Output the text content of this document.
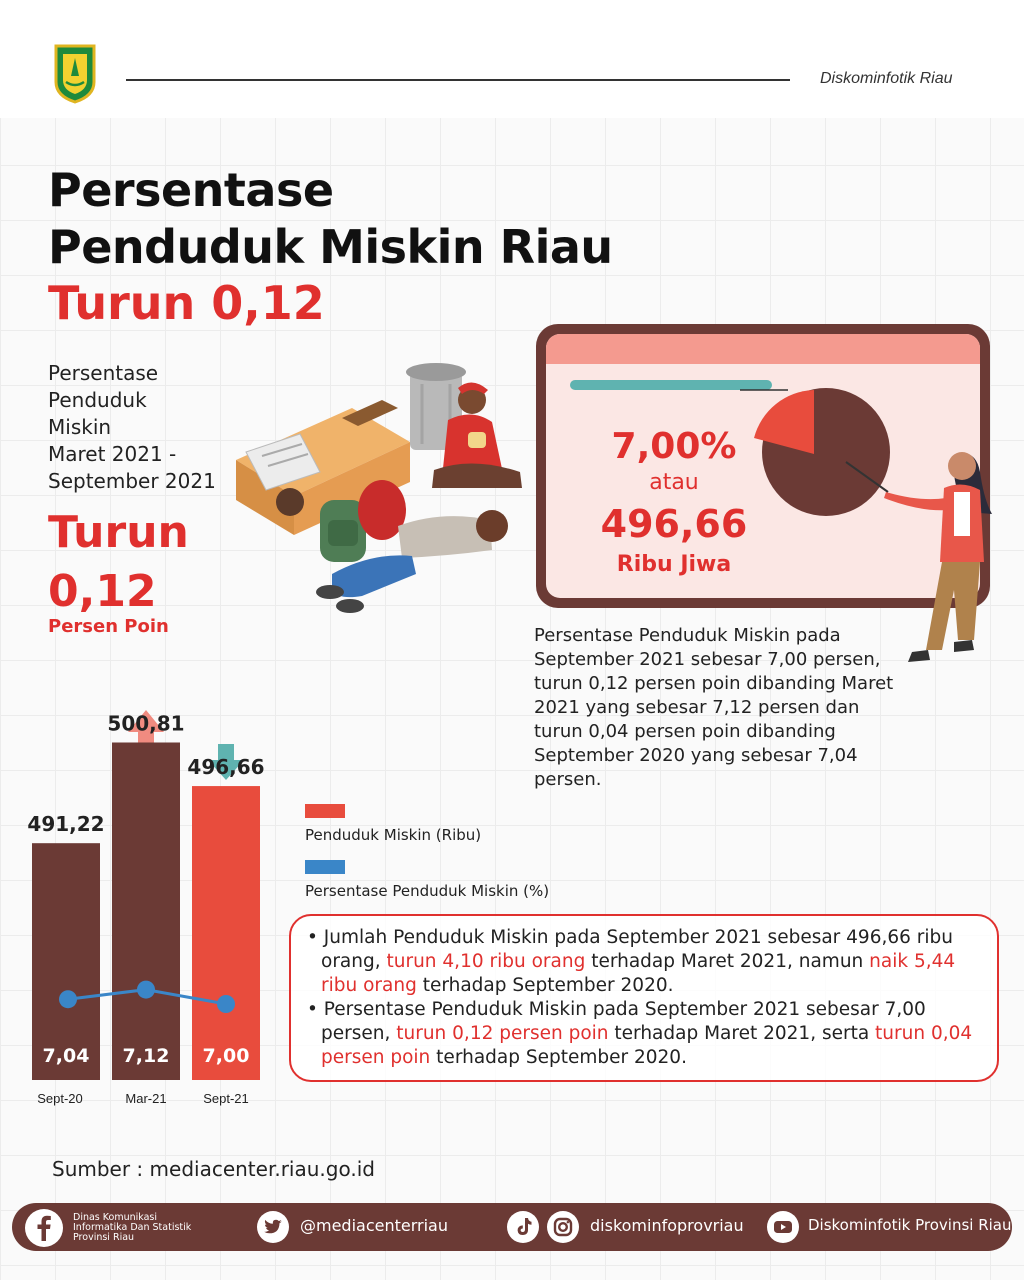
Diskominfotik Riau
Persentase
Penduduk Miskin Riau
Turun 0,12
Persentase
Penduduk
Miskin
Maret 2021 -
September 2021
Turun
0,12
Persen Poin
7,00%
atau
496,66
Ribu Jiwa
Persentase Penduduk Miskin pada September 2021 sebesar 7,00 persen, turun 0,12 persen poin dibanding Maret 2021 yang sebesar 7,12 persen dan turun 0,04 persen poin dibanding September 2020 yang sebesar 7,04 persen.
491,22
7,04
Sept-20
500,81
7,12
Mar-21
496,66
7,00
Sept-21
Penduduk Miskin (Ribu)
Persentase Penduduk Miskin (%)
• Jumlah Penduduk Miskin pada September 2021 sebesar 496,66 ribu orang, turun 4,10 ribu orang terhadap Maret 2021, namun naik 5,44 ribu orang terhadap September 2020.
• Persentase Penduduk Miskin pada September 2021 sebesar 7,00 persen, turun 0,12 persen poin terhadap Maret 2021, serta turun 0,04 persen poin terhadap September 2020.
Sumber : mediacenter.riau.go.id
Dinas Komunikasi
Informatika Dan Statistik
Provinsi Riau
@mediacenterriau	diskominfoprovriau	Diskominfotik Provinsi Riau
